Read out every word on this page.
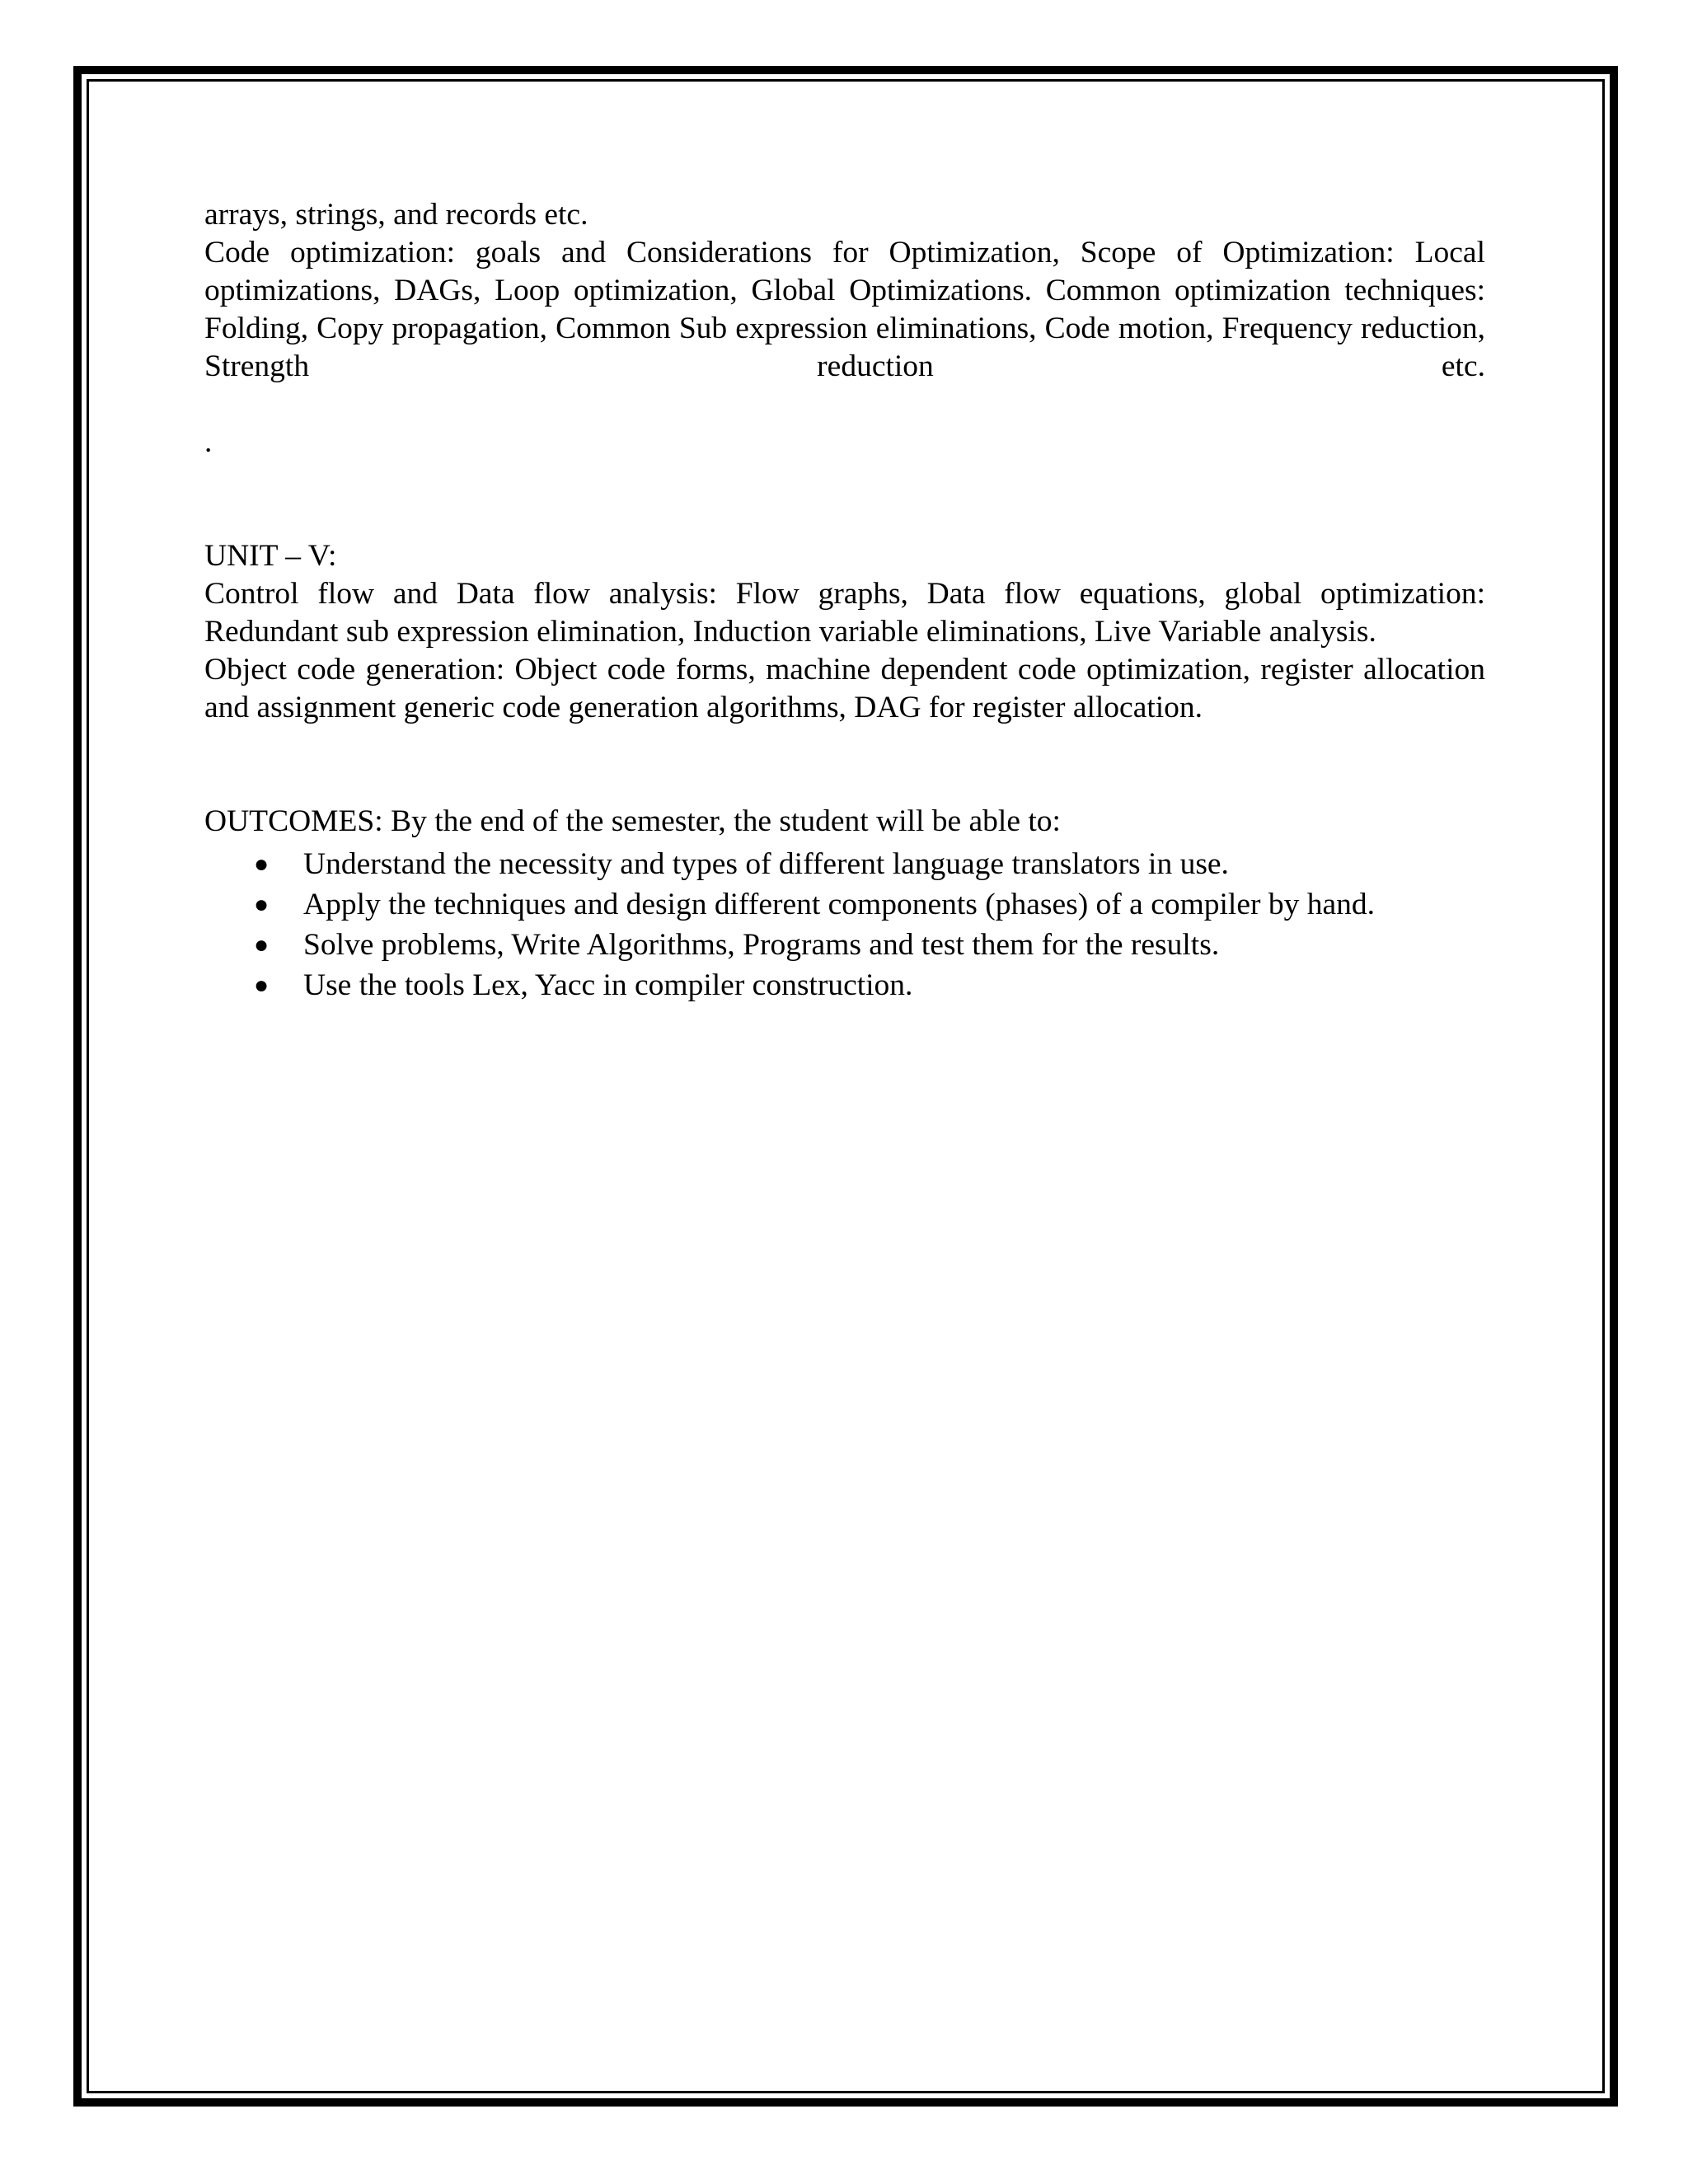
arrays, strings, and records etc.

Code optimization: goals and Considerations for Optimization, Scope of Optimization: Local optimizations, DAGs, Loop optimization, Global Optimizations. Common optimization techniques: Folding, Copy propagation, Common Sub expression eliminations, Code motion, Frequency reduction, Strength reduction etc.

.

UNIT – V:

Control flow and Data flow analysis: Flow graphs, Data flow equations, global optimization: Redundant sub expression elimination, Induction variable eliminations, Live Variable analysis.

Object code generation: Object code forms, machine dependent code optimization, register allocation and assignment generic code generation algorithms, DAG for register allocation.

OUTCOMES: By the end of the semester, the student will be able to:

● Understand the necessity and types of different language translators in use.
● Apply the techniques and design different components (phases) of a compiler by hand.
● Solve problems, Write Algorithms, Programs and test them for the results.
● Use the tools Lex, Yacc in compiler construction.
